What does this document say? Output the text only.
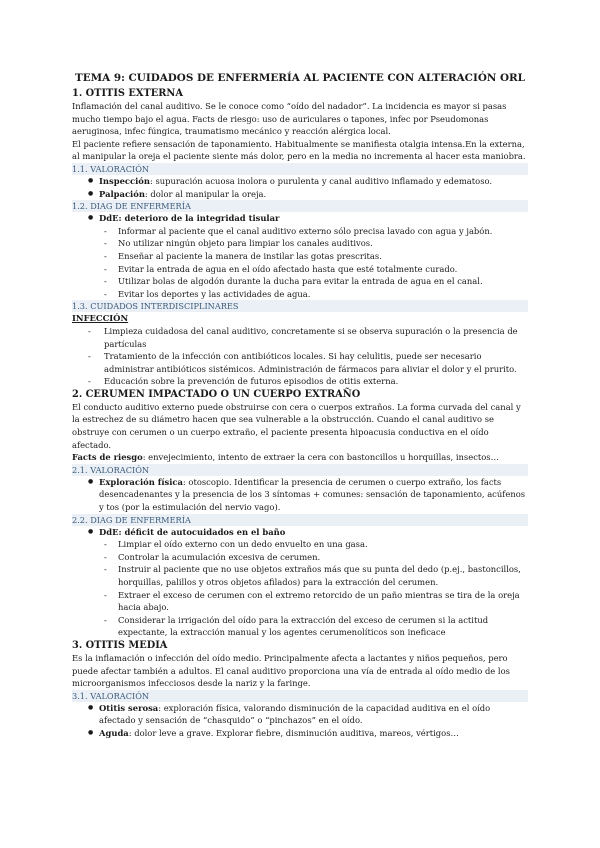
TEMA 9: CUIDADOS DE ENFERMERÍA AL PACIENTE CON ALTERACIÓN ORL
1. OTITIS EXTERNA

Inflamación del canal auditivo. Se le conoce como “oído del nadador”. La incidencia es mayor si pasas mucho tiempo bajo el agua. Facts de riesgo: uso de auriculares o tapones, infec por Pseudomonas aeruginosa, infec fúngica, traumatismo mecánico y reacción alérgica local.

El paciente refiere sensación de taponamiento. Habitualmente se manifiesta otalgia intensa.En la externa, al manipular la oreja el paciente siente más dolor, pero en la media no incrementa al hacer esta maniobra.

1.1. VALORACIÓN
● Inspección: supuración acuosa inolora o purulenta y canal auditivo inflamado y edematoso.
● Palpación: dolor al manipular la oreja.
1.2. DIAG DE ENFERMERÍA
● DdE: deterioro de la integridad tisular
- Informar al paciente que el canal auditivo externo sólo precisa lavado con agua y jabón.
- No utilizar ningún objeto para limpiar los canales auditivos.
- Enseñar al paciente la manera de instilar las gotas prescritas.
- Evitar la entrada de agua en el oído afectado hasta que esté totalmente curado.
- Utilizar bolas de algodón durante la ducha para evitar la entrada de agua en el canal.
- Evitar los deportes y las actividades de agua.
1.3. CUIDADOS INTERDISCIPLINARES
INFECCIÓN
- Limpieza cuidadosa del canal auditivo, concretamente si se observa supuración o la presencia de partículas
- Tratamiento de la infección con antibióticos locales. Si hay celulitis, puede ser necesario administrar antibióticos sistémicos. Administración de fármacos para aliviar el dolor y el prurito.
- Educación sobre la prevención de futuros episodios de otitis externa.
2. CERUMEN IMPACTADO O UN CUERPO EXTRAÑO

El conducto auditivo externo puede obstruirse con cera o cuerpos extraños. La forma curvada del canal y la estrechez de su diámetro hacen que sea vulnerable a la obstrucción. Cuando el canal auditivo se obstruye con cerumen o un cuerpo extraño, el paciente presenta hipoacusia conductiva en el oído afectado.

Facts de riesgo: envejecimiento, intento de extraer la cera con bastoncillos u horquillas, insectos…

2.1. VALORACIÓN
● Exploración física: otoscopio. Identificar la presencia de cerumen o cuerpo extraño, los facts desencadenantes y la presencia de los 3 síntomas + comunes: sensación de taponamiento, acúfenos y tos (por la estimulación del nervio vago).
2.2. DIAG DE ENFERMERÍA
● DdE: déficit de autocuidados en el baño
- Limpiar el oído externo con un dedo envuelto en una gasa.
- Controlar la acumulación excesiva de cerumen.
- Instruir al paciente que no use objetos extraños más que su punta del dedo (p.ej., bastoncillos, horquillas, palillos y otros objetos afilados) para la extracción del cerumen.
- Extraer el exceso de cerumen con el extremo retorcido de un paño mientras se tira de la oreja hacia abajo.
- Considerar la irrigación del oído para la extracción del exceso de cerumen si la actitud expectante, la extracción manual y los agentes cerumenolíticos son ineficace
3. OTITIS MEDIA

Es la inflamación o infección del oído medio. Principalmente afecta a lactantes y niños pequeños, pero puede afectar también a adultos. El canal auditivo proporciona una vía de entrada al oído medio de los microorganismos infecciosos desde la nariz y la faringe.

3.1. VALORACIÓN
● Otitis serosa: exploración física, valorando disminución de la capacidad auditiva en el oído afectado y sensación de “chasquido” o “pinchazos” en el oído.
● Aguda: dolor leve a grave. Explorar fiebre, disminución auditiva, mareos, vértigos…
